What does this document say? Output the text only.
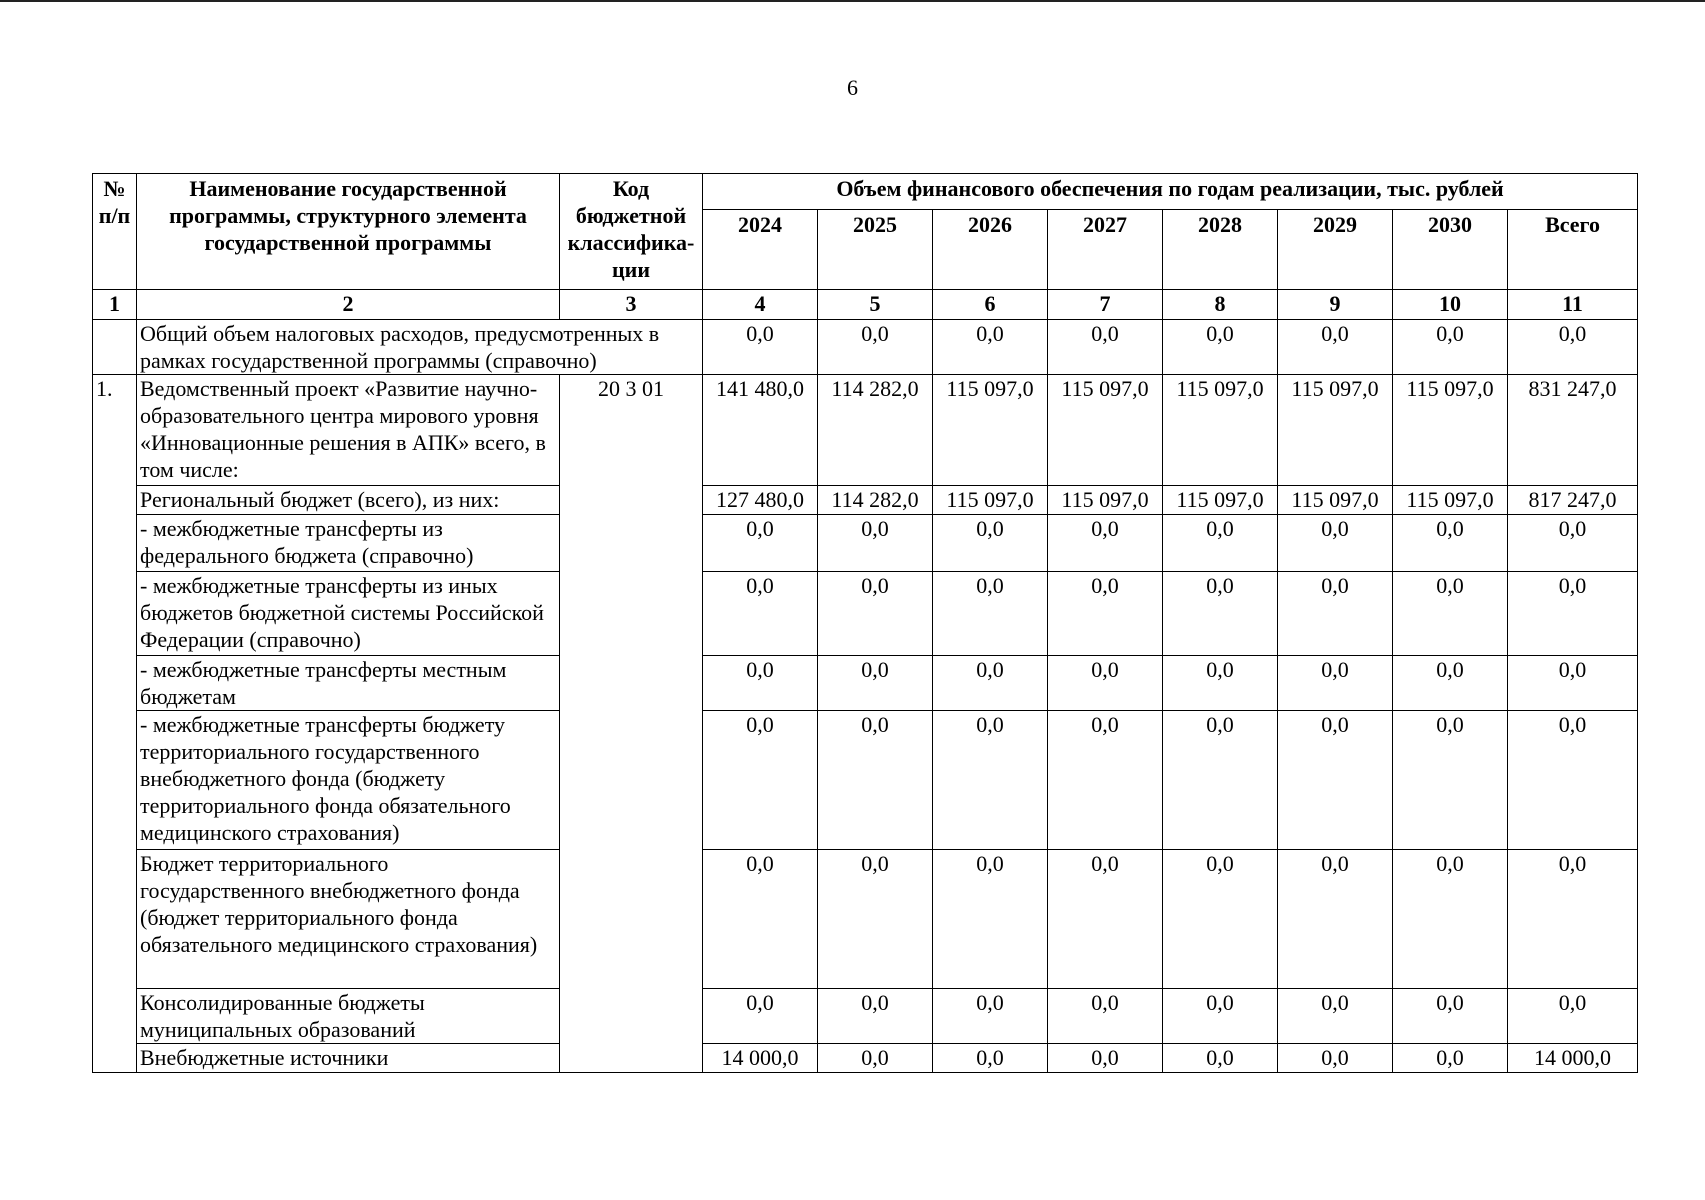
6
№ п/п	Наименование государственной программы, структурного элемента государственной программы	Код бюджетной классифика-ции	Объем финансового обеспечения по годам реализации, тыс. рублей							
			2024	2025	2026	2027	2028	2029	2030	Всего
1	2	3	4	5	6	7	8	9	10	11
	Общий объем налоговых расходов, предусмотренных в рамках государственной программы (справочно)		0,0	0,0	0,0	0,0	0,0	0,0	0,0	0,0
1.	Ведомственный проект «Развитие научно-образовательного центра мирового уровня «Инновационные решения в АПК» всего, в том числе:	20 3 01	141 480,0	114 282,0	115 097,0	115 097,0	115 097,0	115 097,0	115 097,0	831 247,0
	Региональный бюджет (всего), из них:		127 480,0	114 282,0	115 097,0	115 097,0	115 097,0	115 097,0	115 097,0	817 247,0
	- межбюджетные трансферты из федерального бюджета (справочно)		0,0	0,0	0,0	0,0	0,0	0,0	0,0	0,0
	- межбюджетные трансферты из иных бюджетов бюджетной системы Российской Федерации (справочно)		0,0	0,0	0,0	0,0	0,0	0,0	0,0	0,0
	- межбюджетные трансферты местным бюджетам		0,0	0,0	0,0	0,0	0,0	0,0	0,0	0,0
	- межбюджетные трансферты бюджету территориального государственного внебюджетного фонда (бюджету территориального фонда обязательного медицинского страхования)		0,0	0,0	0,0	0,0	0,0	0,0	0,0	0,0
	Бюджет территориального государственного внебюджетного фонда (бюджет территориального фонда обязательного медицинского страхования)		0,0	0,0	0,0	0,0	0,0	0,0	0,0	0,0
	Консолидированные бюджеты муниципальных образований		0,0	0,0	0,0	0,0	0,0	0,0	0,0	0,0
	Внебюджетные источники		14 000,0	0,0	0,0	0,0	0,0	0,0	0,0	14 000,0
